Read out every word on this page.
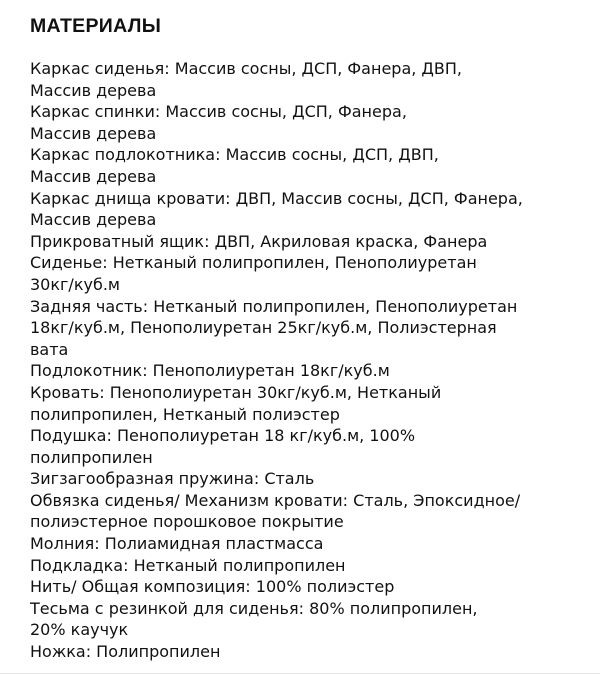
МАТЕРИАЛЫ
Каркас сиденья: Массив сосны, ДСП, Фанера, ДВП,
Массив дерева
Каркас спинки: Массив сосны, ДСП, Фанера,
Массив дерева
Каркас подлокотника: Массив сосны, ДСП, ДВП,
Массив дерева
Каркас днища кровати: ДВП, Массив сосны, ДСП, Фанера,
Массив дерева
Прикроватный ящик: ДВП, Акриловая краска, Фанера
Сиденье: Нетканый полипропилен, Пенополиуретан
30кг/куб.м
Задняя часть: Нетканый полипропилен, Пенополиуретан
18кг/куб.м, Пенополиуретан 25кг/куб.м, Полиэстерная
вата
Подлокотник: Пенополиуретан 18кг/куб.м
Кровать: Пенополиуретан 30кг/куб.м, Нетканый
полипропилен, Нетканый полиэстер
Подушка: Пенополиуретан 18 кг/куб.м, 100%
полипропилен
Зигзагообразная пружина: Сталь
Обвязка сиденья/ Механизм кровати: Сталь, Эпоксидное/
полиэстерное порошковое покрытие
Молния: Полиамидная пластмасса
Подкладка: Нетканый полипропилен
Нить/ Общая композиция: 100% полиэстер
Тесьма с резинкой для сиденья: 80% полипропилен,
20% каучук
Ножка: Полипропилен
